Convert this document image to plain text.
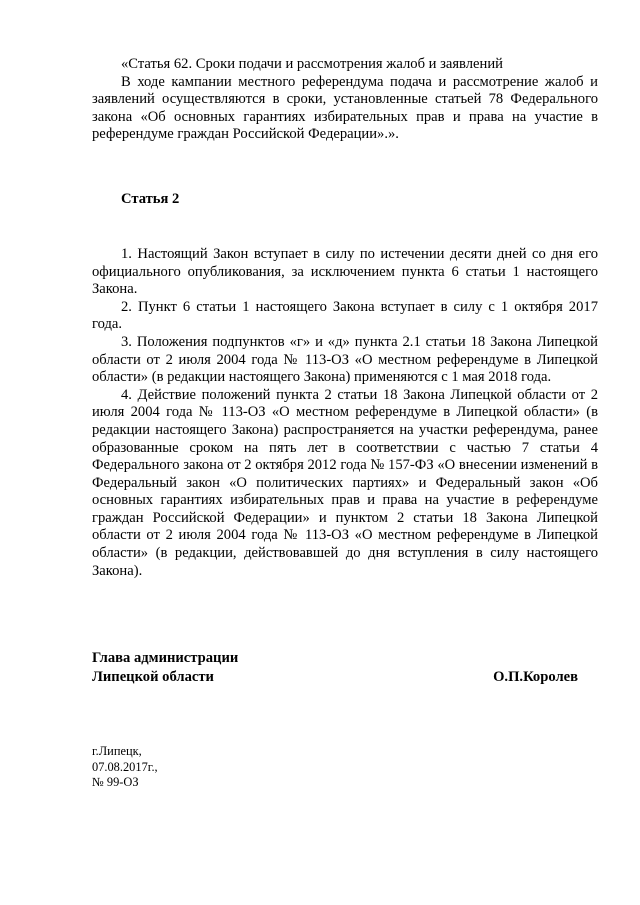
«Статья 62. Сроки подачи и рассмотрения жалоб и заявлений

В ходе кампании местного референдума подача и рассмотрение жалоб и заявлений осуществляются в сроки, установленные статьей 78 Федерального закона «Об основных гарантиях избирательных прав и права на участие в референдуме граждан Российской Федерации».».

Статья 2

1. Настоящий Закон вступает в силу по истечении десяти дней со дня его официального опубликования, за исключением пункта 6 статьи 1 настоящего Закона.

2. Пункт 6 статьи 1 настоящего Закона вступает в силу с 1 октября 2017 года.

3. Положения подпунктов «г» и «д» пункта 2.1 статьи 18 Закона Липецкой области от 2 июля 2004 года № 113-ОЗ «О местном референдуме в Липецкой области» (в редакции настоящего Закона) применяются с 1 мая 2018 года.

4. Действие положений пункта 2 статьи 18 Закона Липецкой области от 2 июля 2004 года № 113-ОЗ «О местном референдуме в Липецкой области» (в редакции настоящего Закона) распространяется на участки референдума, ранее образованные сроком на пять лет в соответствии с частью 7 статьи 4 Федерального закона от 2 октября 2012 года № 157-ФЗ «О внесении изменений в Федеральный закон «О политических партиях» и Федеральный закон «Об основных гарантиях избирательных прав и права на участие в референдуме граждан Российской Федерации» и пунктом 2 статьи 18 Закона Липецкой области от 2 июля 2004 года № 113-ОЗ «О местном референдуме в Липецкой области» (в редакции, действовавшей до дня вступления в силу настоящего Закона).

Глава администрации
Липецкой области	О.П.Королев
г.Липецк,
07.08.2017г.,
№ 99-ОЗ
